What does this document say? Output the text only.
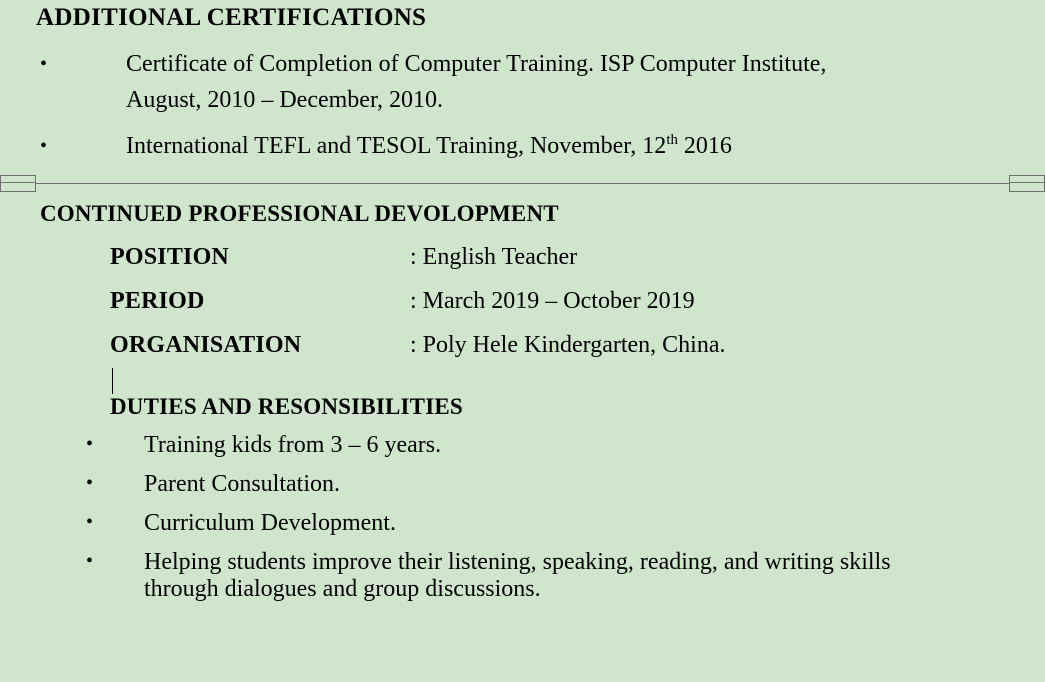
ADDITIONAL CERTIFICATIONS
•	Certificate of Completion of Computer Training. ISP Computer Institute,
August, 2010 – December, 2010.
•	International TEFL and TESOL Training, November, 12th 2016
CONTINUED PROFESSIONAL DEVOLOPMENT
POSITION	: English Teacher
PERIOD	: March 2019 – October 2019
ORGANISATION	: Poly Hele Kindergarten, China.
DUTIES AND RESONSIBILITIES
•	Training kids from 3 – 6 years.
•	Parent Consultation.
•	Curriculum Development.
•	Helping students improve their listening, speaking, reading, and writing skills
through dialogues and group discussions.
